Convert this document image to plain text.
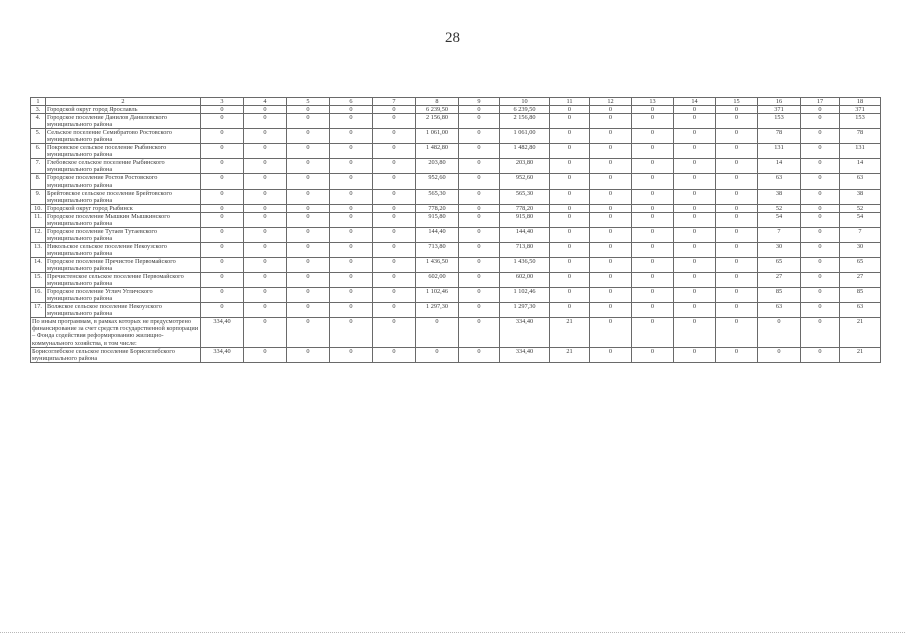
28
1	2	3	4	5	6	7	8	9	10	11	12	13	14	15	16	17	18
3.	Городской округ город Ярославль	0	0	0	0	0	6 239,50	0	6 239,50	0	0	0	0	0	371	0	371
4.	Городское поселение Данилов Даниловского муниципального района	0	0	0	0	0	2 156,80	0	2 156,80	0	0	0	0	0	153	0	153
5.	Сельское поселение Семибратово Ростовского муниципального района	0	0	0	0	0	1 061,00	0	1 061,00	0	0	0	0	0	78	0	78
6.	Покровское сельское поселение Рыбинского муниципального района	0	0	0	0	0	1 482,80	0	1 482,80	0	0	0	0	0	131	0	131
7.	Глебовское сельское поселение Рыбинского муниципального района	0	0	0	0	0	203,80	0	203,80	0	0	0	0	0	14	0	14
8.	Городское поселение Ростов Ростовского муниципального района	0	0	0	0	0	952,60	0	952,60	0	0	0	0	0	63	0	63
9.	Брейтовское сельское поселение Брейтовского муниципального района	0	0	0	0	0	565,30	0	565,30	0	0	0	0	0	38	0	38
10.	Городской округ город Рыбинск	0	0	0	0	0	778,20	0	778,20	0	0	0	0	0	52	0	52
11.	Городское поселение Мышкин Мышкинского муниципального района	0	0	0	0	0	915,80	0	915,80	0	0	0	0	0	54	0	54
12.	Городское поселение Тутаев Тутаевского муниципального района	0	0	0	0	0	144,40	0	144,40	0	0	0	0	0	7	0	7
13.	Никольское сельское поселение Некоузского муниципального района	0	0	0	0	0	713,80	0	713,80	0	0	0	0	0	30	0	30
14.	Городское поселение Пречистое Первомайского муниципального района	0	0	0	0	0	1 436,50	0	1 436,50	0	0	0	0	0	65	0	65
15.	Пречистенское сельское поселение Первомайского муниципального района	0	0	0	0	0	602,00	0	602,00	0	0	0	0	0	27	0	27
16.	Городское поселение Углич Угличского муниципального района	0	0	0	0	0	1 102,46	0	1 102,46	0	0	0	0	0	85	0	85
17.	Волжское сельское поселение Некоузского муниципального района	0	0	0	0	0	1 297,30	0	1 297,30	0	0	0	0	0	63	0	63
По иным программам, в рамках которых не предусмотрено финансирование за счет средств государственной корпорации – Фонда содействия реформированию жилищно-коммунального хозяйства, в том числе:		334,40	0	0	0	0	0	0	334,40	21	0	0	0	0	0	0	21
Борисоглебское сельское поселение Борисоглебского муниципального района		334,40	0	0	0	0	0	0	334,40	21	0	0	0	0	0	0	21
